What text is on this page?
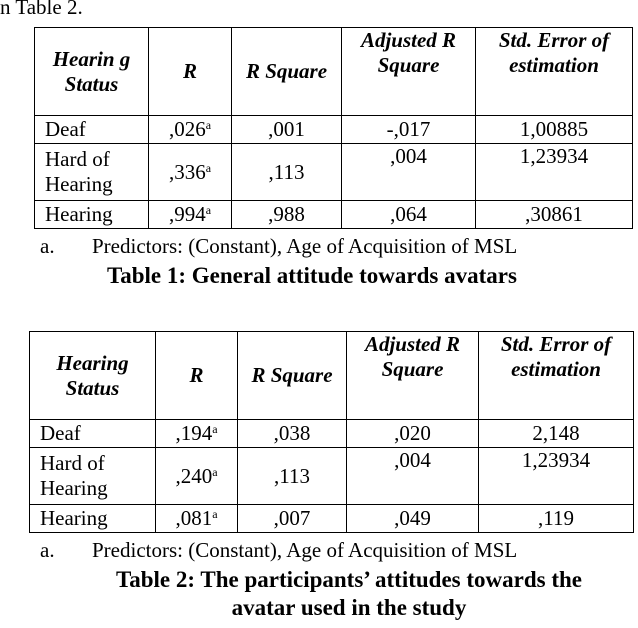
n Table 2.
Hearin g Status	R	R Square	Adjusted R Square	Std. Error of estimation
Deaf	,026$^a$	,001	-,017	1,00885
Hard of Hearing	,336$^a$	,113	,004	1,23934
Hearing	,994$^a$	,988	,064	,30861
a. Predictors: (Constant), Age of Acquisition of MSL
Table 1: General attitude towards avatars
Hearing Status	R	R Square	Adjusted R Square	Std. Error of estimation
Deaf	,194$^a$	,038	,020	2,148
Hard of Hearing	,240$^a$	,113	,004	1,23934
Hearing	,081$^a$	,007	,049	,119
a. Predictors: (Constant), Age of Acquisition of MSL
Table 2: The participants’ attitudes towards the
avatar used in the study
